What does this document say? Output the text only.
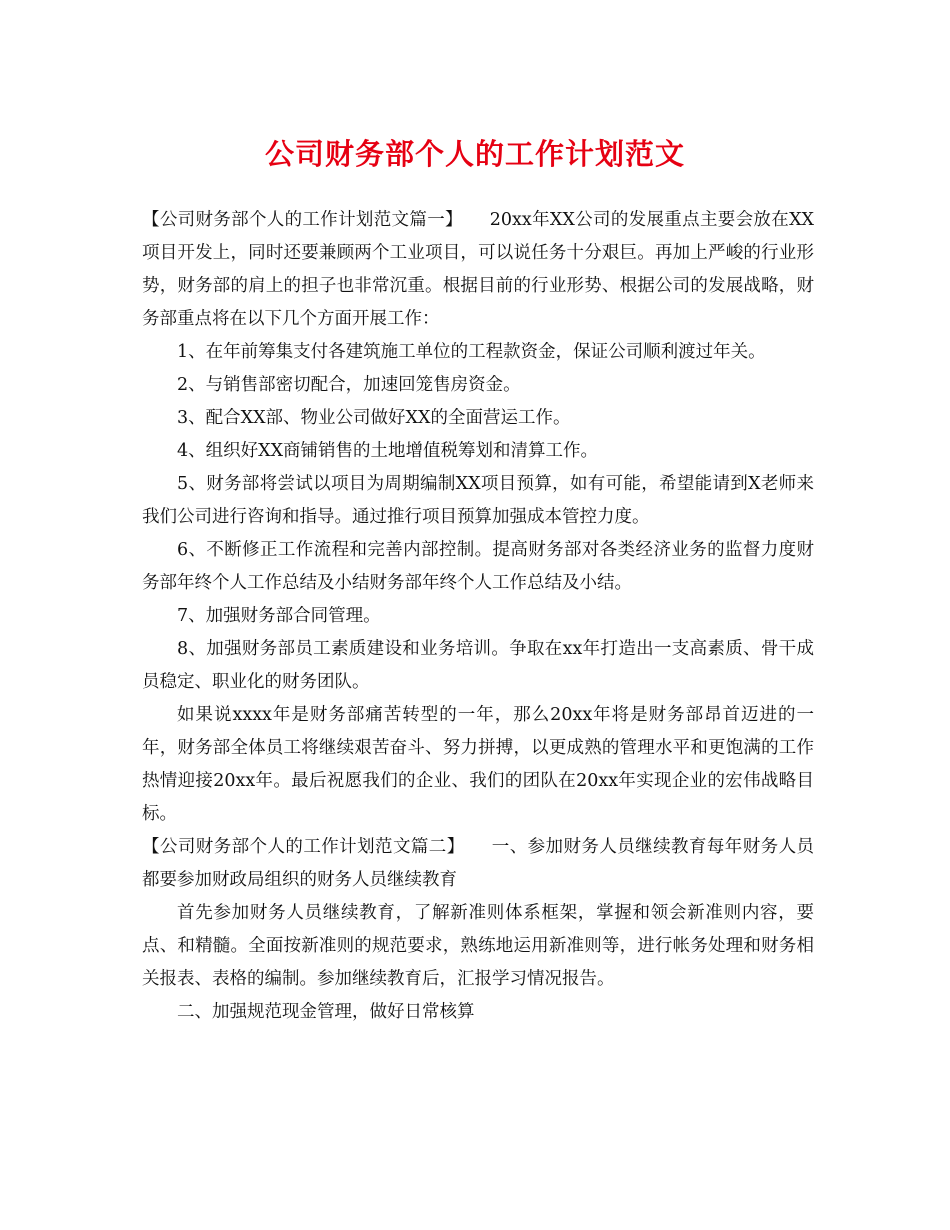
公司财务部个人的工作计划范文

【公司财务部个人的工作计划范文篇一】　　20xx年XX公司的发展重点主要会放在XX项目开发上，同时还要兼顾两个工业项目，可以说任务十分艰巨。再加上严峻的行业形势，财务部的肩上的担子也非常沉重。根据目前的行业形势、根据公司的发展战略，财务部重点将在以下几个方面开展工作：

1、在年前筹集支付各建筑施工单位的工程款资金，保证公司顺利渡过年关。

2、与销售部密切配合，加速回笼售房资金。

3、配合XX部、物业公司做好XX的全面营运工作。

4、组织好XX商铺销售的土地增值税筹划和清算工作。

5、财务部将尝试以项目为周期编制XX项目预算，如有可能，希望能请到X老师来我们公司进行咨询和指导。通过推行项目预算加强成本管控力度。

6、不断修正工作流程和完善内部控制。提高财务部对各类经济业务的监督力度财务部年终个人工作总结及小结财务部年终个人工作总结及小结。

7、加强财务部合同管理。

8、加强财务部员工素质建设和业务培训。争取在xx年打造出一支高素质、骨干成员稳定、职业化的财务团队。

如果说xxxx年是财务部痛苦转型的一年，那么20xx年将是财务部昂首迈进的一年，财务部全体员工将继续艰苦奋斗、努力拼搏，以更成熟的管理水平和更饱满的工作热情迎接20xx年。最后祝愿我们的企业、我们的团队在20xx年实现企业的宏伟战略目标。

【公司财务部个人的工作计划范文篇二】　　一、参加财务人员继续教育每年财务人员都要参加财政局组织的财务人员继续教育

首先参加财务人员继续教育，了解新准则体系框架，掌握和领会新准则内容，要点、和精髓。全面按新准则的规范要求，熟练地运用新准则等，进行帐务处理和财务相关报表、表格的编制。参加继续教育后，汇报学习情况报告。

二、加强规范现金管理，做好日常核算
